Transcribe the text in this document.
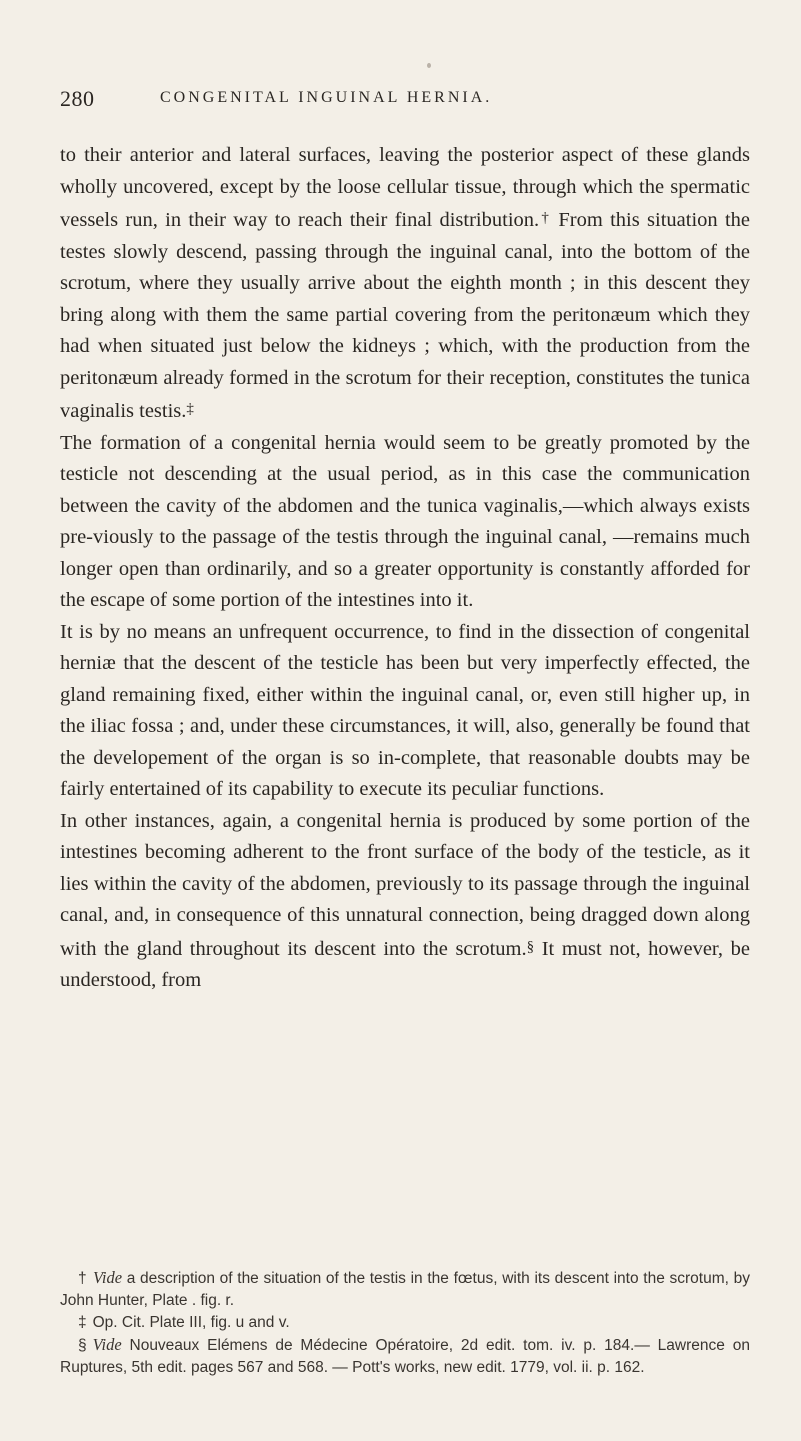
280	CONGENITAL INGUINAL HERNIA.

to their anterior and lateral surfaces, leaving the posterior aspect of these glands wholly uncovered, except by the loose cellular tissue, through which the spermatic vessels run, in their way to reach their final distribution.† From this situation the testes slowly descend, passing through the inguinal canal, into the bottom of the scrotum, where they usually arrive about the eighth month ; in this descent they bring along with them the same partial covering from the peritonæum which they had when situated just below the kidneys ; which, with the production from the peritonæum already formed in the scrotum for their reception, constitutes the tunica vaginalis testis.‡

The formation of a congenital hernia would seem to be greatly promoted by the testicle not descending at the usual period, as in this case the communication between the cavity of the abdomen and the tunica vaginalis,—which always exists pre-viously to the passage of the testis through the inguinal canal, —remains much longer open than ordinarily, and so a greater opportunity is constantly afforded for the escape of some portion of the intestines into it.

It is by no means an unfrequent occurrence, to find in the dissection of congenital herniæ that the descent of the testicle has been but very imperfectly effected, the gland remaining fixed, either within the inguinal canal, or, even still higher up, in the iliac fossa ; and, under these circumstances, it will, also, generally be found that the developement of the organ is so in-complete, that reasonable doubts may be fairly entertained of its capability to execute its peculiar functions.

In other instances, again, a congenital hernia is produced by some portion of the intestines becoming adherent to the front surface of the body of the testicle, as it lies within the cavity of the abdomen, previously to its passage through the inguinal canal, and, in consequence of this unnatural connection, being dragged down along with the gland throughout its descent into the scrotum.§ It must not, however, be understood, from

† Vide a description of the situation of the testis in the fœtus, with its descent into the scrotum, by John Hunter, Plate . fig. r.

‡ Op. Cit. Plate III, fig. u and v.

§ Vide Nouveaux Elémens de Médecine Opératoire, 2d edit. tom. iv. p. 184.— Lawrence on Ruptures, 5th edit. pages 567 and 568. — Pott's works, new edit. 1779, vol. ii. p. 162.
